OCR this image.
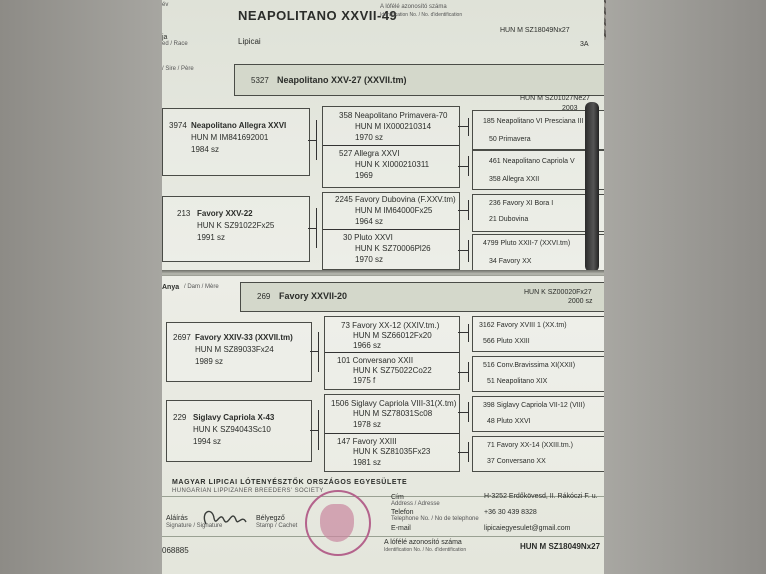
év
NEAPOLITANO XXVII-49
A lófélé azonosító száma
Identification No. / No. d'identification
HUN M SZ18049Nx27
3A
ja
ed / Race	Lipicai
/ Sire / Père
5327 Neapolitano XXV-27 (XXVII.tm)
HUN M SZ01027Ne27
2003
3974 Neapolitano Allegra XXVI
HUN M IM841692001
1984 sz
213 Favory XXV-22
HUN K SZ91022Fx25
1991 sz
358 Neapolitano Primavera-70
HUN M IX000210314
1970 sz
527 Allegra XXVI
HUN K XI000210311
1969
2245 Favory Dubovina (F.XXV.tm)
HUN M IM64000Fx25
1964 sz
30 Pluto XXVI
HUN K SZ70006Pl26
1970 sz
185 Neapolitano VI Presciana III
50 Primavera
461 Neapolitano Capriola V
358 Allegra XXII
236 Favory XI Bora I
21 Dubovina
4799 Pluto XXII-7 (XXVI.tm)
34 Favory XX
Anya / Dam / Mère
269 Favory XXVII-20	HUN K SZ00020Fx27
2000 sz
2697 Favory XXIV-33 (XXVII.tm)
HUN M SZ89033Fx24
1989 sz
229 Siglavy Capriola X-43
HUN K SZ94043Sc10
1994 sz
73 Favory XX-12 (XXIV.tm.)
HUN M SZ66012Fx20
1966 sz
101 Conversano XXII
HUN K SZ75022Co22
1975 f
1506 Siglavy Capriola VIII-31(X.tm)
HUN M SZ78031Sc08
1978 sz
147 Favory XXIII
HUN K SZ81035Fx23
1981 sz
3162 Favory XVIII 1 (XX.tm)
566 Pluto XXIII
516 Conv.Bravissima XI(XXII)
51 Neapolitano XIX
398 Siglavy Capriola VII-12 (VIII)
48 Pluto XXVI
71 Favory XX-14 (XXIII.tm.)
37 Conversano XX
MAGYAR LIPICAI LÓTENYÉSZTŐK ORSZÁGOS EGYESÜLETE
HUNGARIAN LIPPIZANER BREEDERS' SOCIETY
Aláírás
Signature / Signature
Bélyegző
Stamp / Cachet
Cím
Address / Adresse
H-3252 Erdőkövesd, II. Rákóczi F. u.
Telefon
Telephone No. / No de telephone
+36 30 439 8328
E-mail	lipicaiegyesulet@gmail.com
068885
A lófélé azonosító száma
Identification No. / No. d'identification	HUN M SZ18049Nx27
